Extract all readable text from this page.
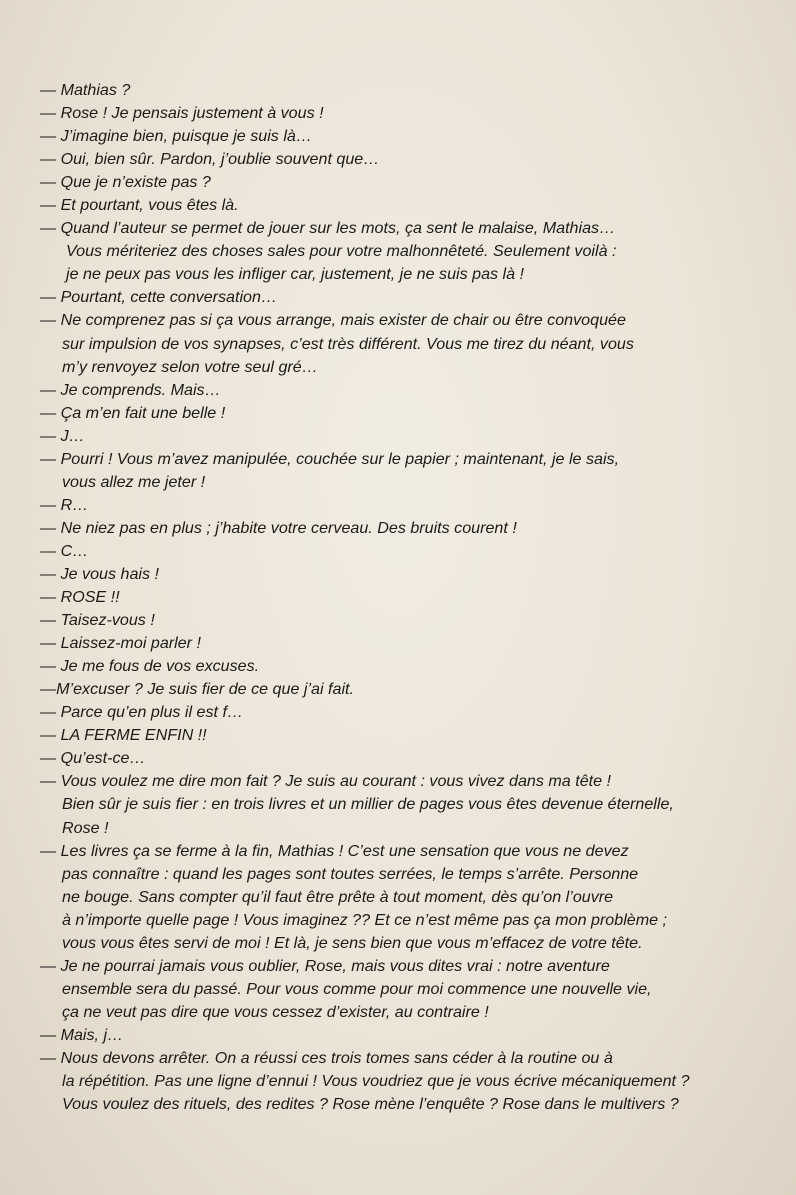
— Mathias ?
— Rose ! Je pensais justement à vous !
— J’imagine bien, puisque je suis là…
— Oui, bien sûr. Pardon, j’oublie souvent que…
— Que je n’existe pas ?
— Et pourtant, vous êtes là.
— Quand l’auteur se permet de jouer sur les mots, ça sent le malaise, Mathias…
Vous mériteriez des choses sales pour votre malhonnêteté. Seulement voilà :
je ne peux pas vous les infliger car, justement, je ne suis pas là !
— Pourtant, cette conversation…
— Ne comprenez pas si ça vous arrange, mais exister de chair ou être convoquée
sur impulsion de vos synapses, c’est très différent. Vous me tirez du néant, vous
m’y renvoyez selon votre seul gré…
— Je comprends. Mais…
— Ça m’en fait une belle !
— J…
— Pourri ! Vous m’avez manipulée, couchée sur le papier ; maintenant, je le sais,
vous allez me jeter !
— R…
— Ne niez pas en plus ; j’habite votre cerveau. Des bruits courent !
— C…
— Je vous hais !
— ROSE !!
— Taisez-vous !
— Laissez-moi parler !
— Je me fous de vos excuses.
—M’excuser ? Je suis fier de ce que j’ai fait.
— Parce qu’en plus il est f…
— LA FERME ENFIN !!
— Qu’est-ce…
— Vous voulez me dire mon fait ? Je suis au courant : vous vivez dans ma tête !
Bien sûr je suis fier : en trois livres et un millier de pages vous êtes devenue éternelle,
Rose !
— Les livres ça se ferme à la fin, Mathias ! C’est une sensation que vous ne devez
pas connaître : quand les pages sont toutes serrées, le temps s’arrête. Personne
ne bouge. Sans compter qu’il faut être prête à tout moment, dès qu’on l’ouvre
à n’importe quelle page ! Vous imaginez ?? Et ce n’est même pas ça mon problème ;
vous vous êtes servi de moi ! Et là, je sens bien que vous m’effacez de votre tête.
— Je ne pourrai jamais vous oublier, Rose, mais vous dites vrai : notre aventure
ensemble sera du passé. Pour vous comme pour moi commence une nouvelle vie,
ça ne veut pas dire que vous cessez d’exister, au contraire !
— Mais, j…
— Nous devons arrêter. On a réussi ces trois tomes sans céder à la routine ou à
la répétition. Pas une ligne d’ennui ! Vous voudriez que je vous écrive mécaniquement ?
Vous voulez des rituels, des redites ? Rose mène l’enquête ? Rose dans le multivers ?
